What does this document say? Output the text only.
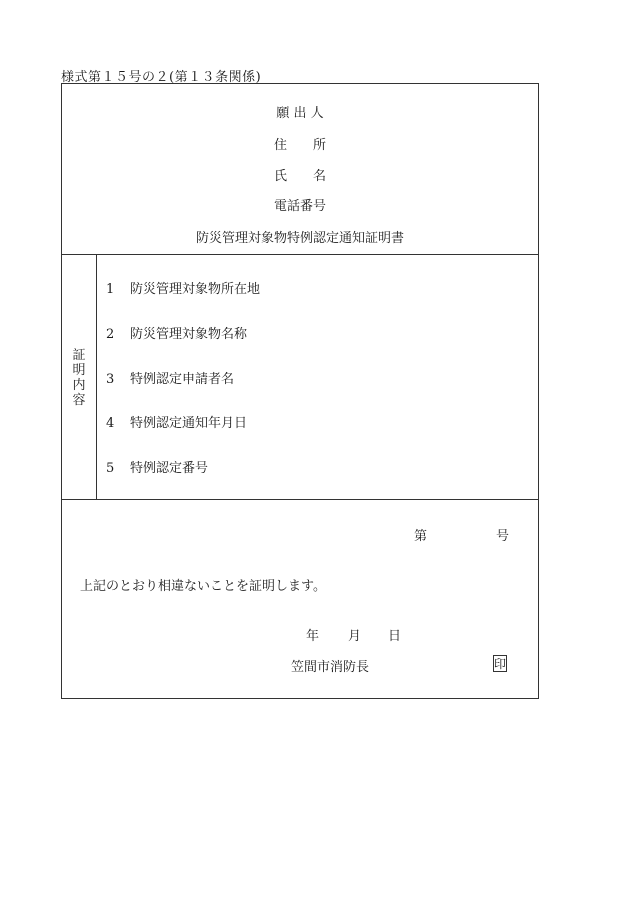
様式第１５号の２(第１３条関係)
願 出 人
住　　所
氏　　名
電話番号
防災管理対象物特例認定通知証明書
証
明
内
容
1 防災管理対象物所在地
2 防災管理対象物名称
3 特例認定申請者名
4 特例認定通知年月日
5 特例認定番号
第	号
上記のとおり相違ないことを証明します。
年 月 日
笠間市消防長	印
